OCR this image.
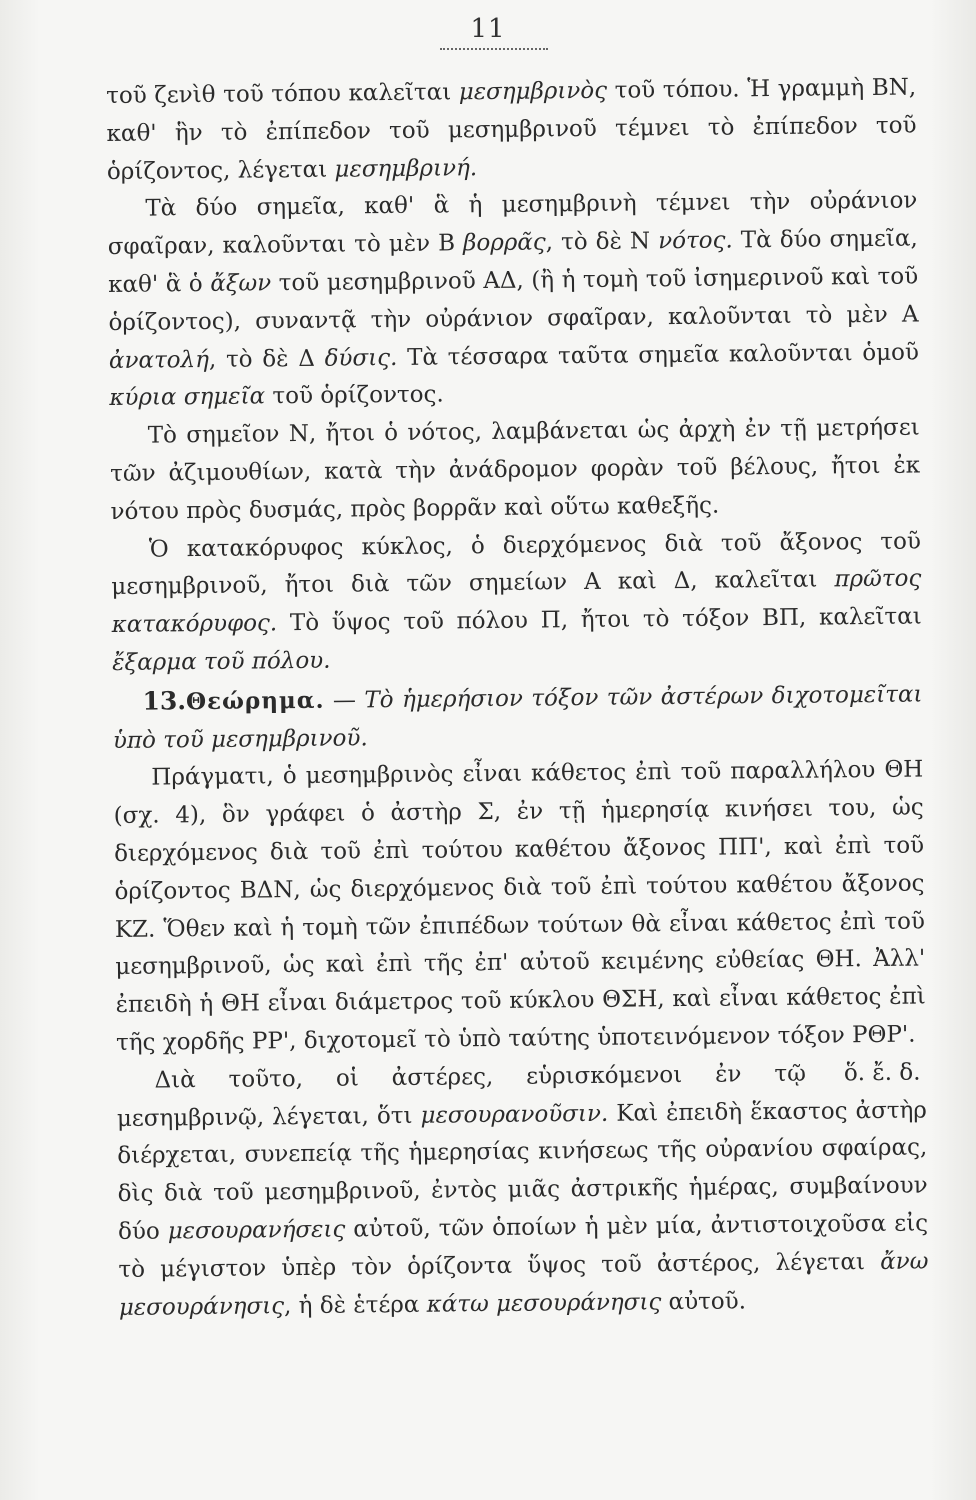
11

τοῦ ζενὶθ τοῦ τόπου καλεῖται μεσημβρινὸς τοῦ τόπου. Ἡ γραμμὴ ΒΝ, καθ' ἣν τὸ ἐπίπεδον τοῦ μεσημβρινοῦ τέμνει τὸ ἐπίπεδον τοῦ ὁρίζοντος, λέγεται μεσημβρινή.

Τὰ δύο σημεῖα, καθ' ἃ ἡ μεσημβρινὴ τέμνει τὴν οὐράνιον σφαῖραν, καλοῦνται τὸ μὲν Β βορρᾶς, τὸ δὲ Ν νότος. Τὰ δύο σημεῖα, καθ' ἃ ὁ ἄξων τοῦ μεσημβρινοῦ ΑΔ, (ἢ ἡ τομὴ τοῦ ἰσημερινοῦ καὶ τοῦ ὁρίζοντος), συναντᾷ τὴν οὐράνιον σφαῖραν, καλοῦνται τὸ μὲν Α ἀνατολή, τὸ δὲ Δ δύσις. Τὰ τέσσαρα ταῦτα σημεῖα καλοῦνται ὁμοῦ κύρια σημεῖα τοῦ ὁρίζοντος.

Τὸ σημεῖον Ν, ἤτοι ὁ νότος, λαμβάνεται ὡς ἀρχὴ ἐν τῇ μετρήσει τῶν ἀζιμουθίων, κατὰ τὴν ἀνάδρομον φορὰν τοῦ βέλους, ἤτοι ἐκ νότου πρὸς δυσμάς, πρὸς βορρᾶν καὶ οὕτω καθεξῆς.

Ὁ κατακόρυφος κύκλος, ὁ διερχόμενος διὰ τοῦ ἄξονος τοῦ μεσημβρινοῦ, ἤτοι διὰ τῶν σημείων Α καὶ Δ, καλεῖται πρῶτος κατακόρυφος. Τὸ ὕψος τοῦ πόλου Π, ἤτοι τὸ τόξον ΒΠ, καλεῖται ἔξαρμα τοῦ πόλου.

13.Θεώρημα. — Τὸ ἡμερήσιον τόξον τῶν ἀστέρων διχοτομεῖται ὑπὸ τοῦ μεσημβρινοῦ.

Πράγματι, ὁ μεσημβρινὸς εἶναι κάθετος ἐπὶ τοῦ παραλλήλου ΘΗ (σχ. 4), ὃν γράφει ὁ ἀστὴρ Σ, ἐν τῇ ἡμερησίᾳ κινήσει του, ὡς διερχόμενος διὰ τοῦ ἐπὶ τούτου καθέτου ἄξονος ΠΠ', καὶ ἐπὶ τοῦ ὁρίζοντος ΒΔΝ, ὡς διερχόμενος διὰ τοῦ ἐπὶ τούτου καθέτου ἄξονος ΚΖ. Ὅθεν καὶ ἡ τομὴ τῶν ἐπιπέδων τούτων θὰ εἶναι κάθετος ἐπὶ τοῦ μεσημβρινοῦ, ὡς καὶ ἐπὶ τῆς ἐπ' αὐτοῦ κειμένης εὐθείας ΘΗ. Ἀλλ' ἐπειδὴ ἡ ΘΗ εἶναι διάμετρος τοῦ κύκλου ΘΣΗ, καὶ εἶναι κάθετος ἐπὶ τῆς χορδῆς ΡΡ', διχοτομεῖ τὸ ὑπὸ ταύτης ὑποτεινόμενον τόξον ΡΘΡ'.
ὅ. ἔ. δ.

Διὰ τοῦτο, οἱ ἀστέρες, εὑρισκόμενοι ἐν τῷ μεσημβρινῷ, λέγεται, ὅτι μεσουρανοῦσιν. Καὶ ἐπειδὴ ἕκαστος ἀστὴρ διέρχεται, συνεπείᾳ τῆς ἡμερησίας κινήσεως τῆς οὐρανίου σφαίρας, δὶς διὰ τοῦ μεσημβρινοῦ, ἐντὸς μιᾶς ἀστρικῆς ἡμέρας, συμβαίνουν δύο μεσουρανήσεις αὐτοῦ, τῶν ὁποίων ἡ μὲν μία, ἀντιστοιχοῦσα εἰς τὸ μέγιστον ὑπὲρ τὸν ὁρίζοντα ὕψος τοῦ ἀστέρος, λέγεται ἄνω μεσουράνησις, ἡ δὲ ἑτέρα κάτω μεσουράνησις αὐτοῦ.
